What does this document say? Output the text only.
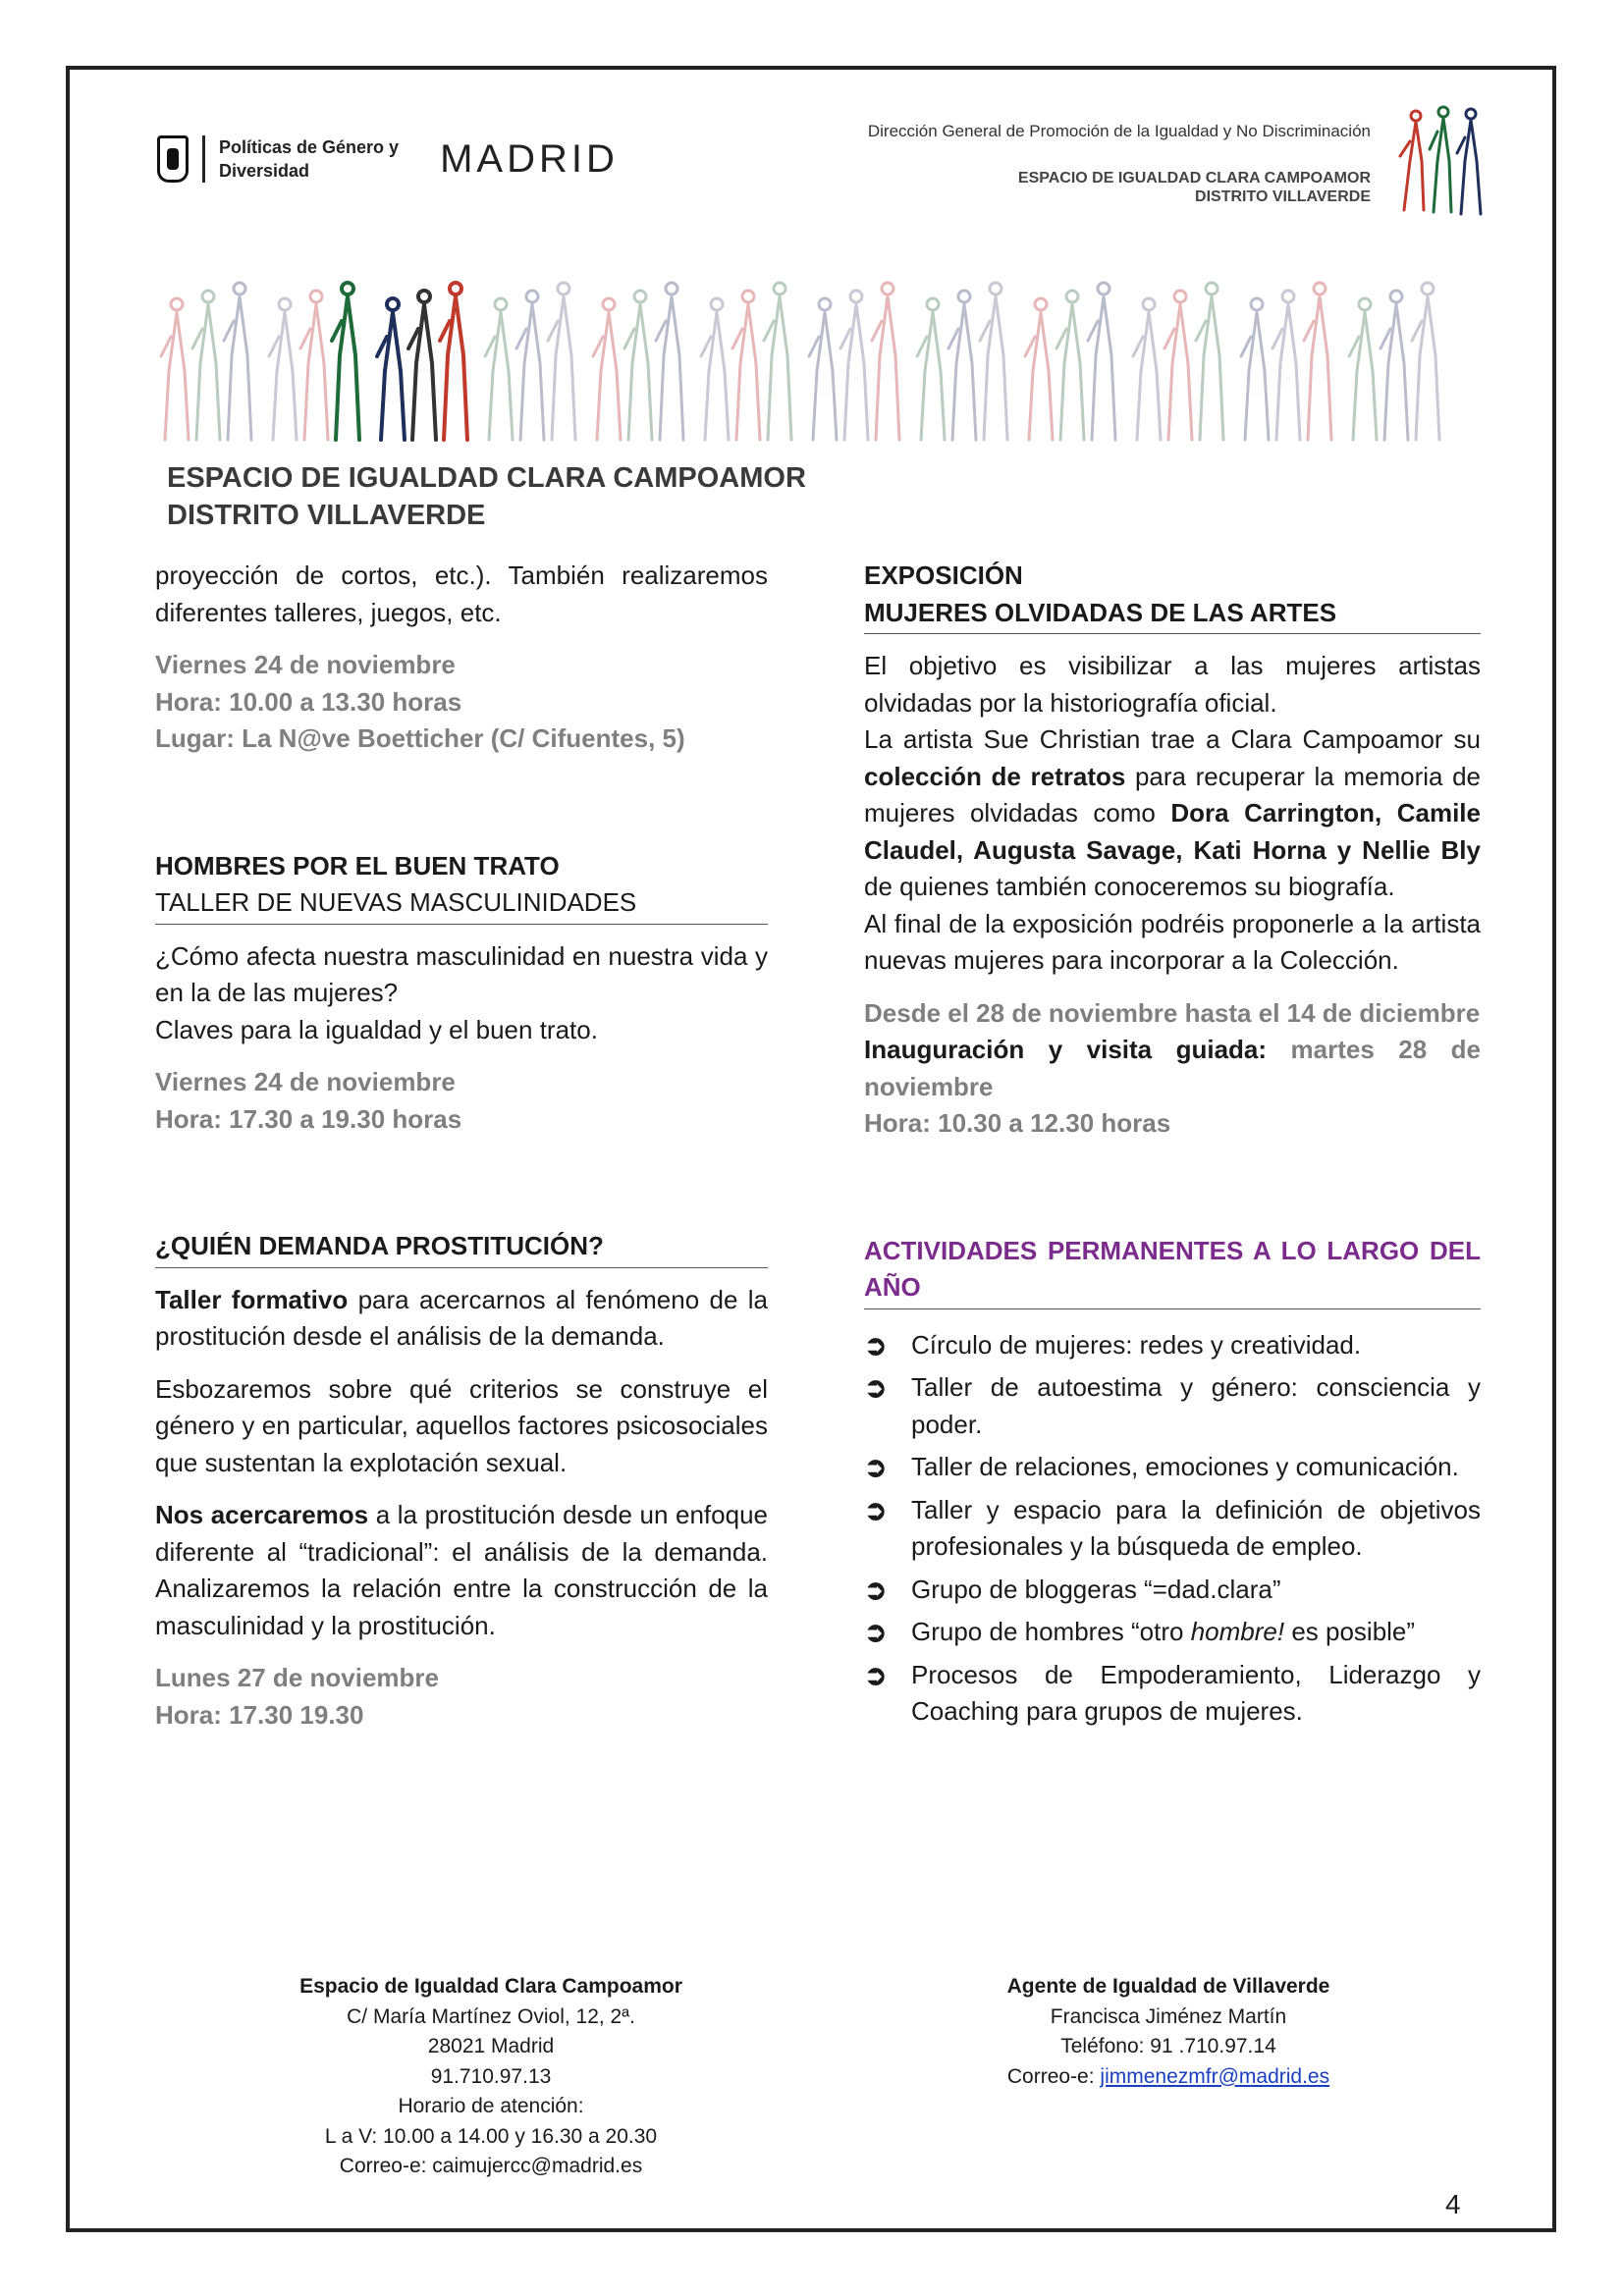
Políticas de Género y
Diversidad	MADRID
Dirección General de Promoción de la Igualdad y No Discriminación
ESPACIO DE IGUALDAD CLARA CAMPOAMOR
DISTRITO VILLAVERDE
ESPACIO DE IGUALDAD CLARA CAMPOAMOR
DISTRITO VILLAVERDE

proyección de cortos, etc.). También realizaremos diferentes talleres, juegos, etc.

Viernes 24 de noviembre

Hora: 10.00 a 13.30 horas

Lugar: La N@ve Boetticher (C/ Cifuentes, 5)

HOMBRES POR EL BUEN TRATO

TALLER DE NUEVAS MASCULINIDADES

¿Cómo afecta nuestra masculinidad en nuestra vida y en la de las mujeres?

Claves para la igualdad y el buen trato.

Viernes 24 de noviembre

Hora: 17.30 a 19.30 horas

¿QUIÉN DEMANDA PROSTITUCIÓN?

Taller formativo para acercarnos al fenómeno de la prostitución desde el análisis de la demanda.

Esbozaremos sobre qué criterios se construye el género y en particular, aquellos factores psicosociales que sustentan la explotación sexual.

Nos acercaremos a la prostitución desde un enfoque diferente al “tradicional”: el análisis de la demanda. Analizaremos la relación entre la construcción de la masculinidad y la prostitución.

Lunes 27 de noviembre

Hora: 17.30 19.30

EXPOSICIÓN

MUJERES OLVIDADAS DE LAS ARTES

El objetivo es visibilizar a las mujeres artistas olvidadas por la historiografía oficial.

La artista Sue Christian trae a Clara Campoamor su colección de retratos para recuperar la memoria de mujeres olvidadas como Dora Carrington, Camile Claudel, Augusta Savage, Kati Horna y Nellie Bly de quienes también conoceremos su biografía.

Al final de la exposición podréis proponerle a la artista nuevas mujeres para incorporar a la Colección.

Desde el 28 de noviembre hasta el 14 de diciembre

Inauguración y visita guiada: martes 28 de noviembre

Hora: 10.30 a 12.30 horas

ACTIVIDADES PERMANENTES A LO LARGO DEL AÑO

➲ Círculo de mujeres: redes y creatividad.
➲ Taller de autoestima y género: consciencia y poder.
➲ Taller de relaciones, emociones y comunicación.
➲ Taller y espacio para la definición de objetivos profesionales y la búsqueda de empleo.
➲ Grupo de bloggeras “=dad.clara”
➲ Grupo de hombres “otro hombre! es posible”
➲ Procesos de Empoderamiento, Liderazgo y Coaching para grupos de mujeres.
Espacio de Igualdad Clara Campoamor
C/ María Martínez Oviol, 12, 2ª.
28021 Madrid
91.710.97.13
Horario de atención:
L a V: 10.00 a 14.00 y 16.30 a 20.30
Correo-e: caimujercc@madrid.es
Agente de Igualdad de Villaverde
Francisca Jiménez Martín
Teléfono: 91 .710.97.14
Correo-e: jimmenezmfr@madrid.es
4
